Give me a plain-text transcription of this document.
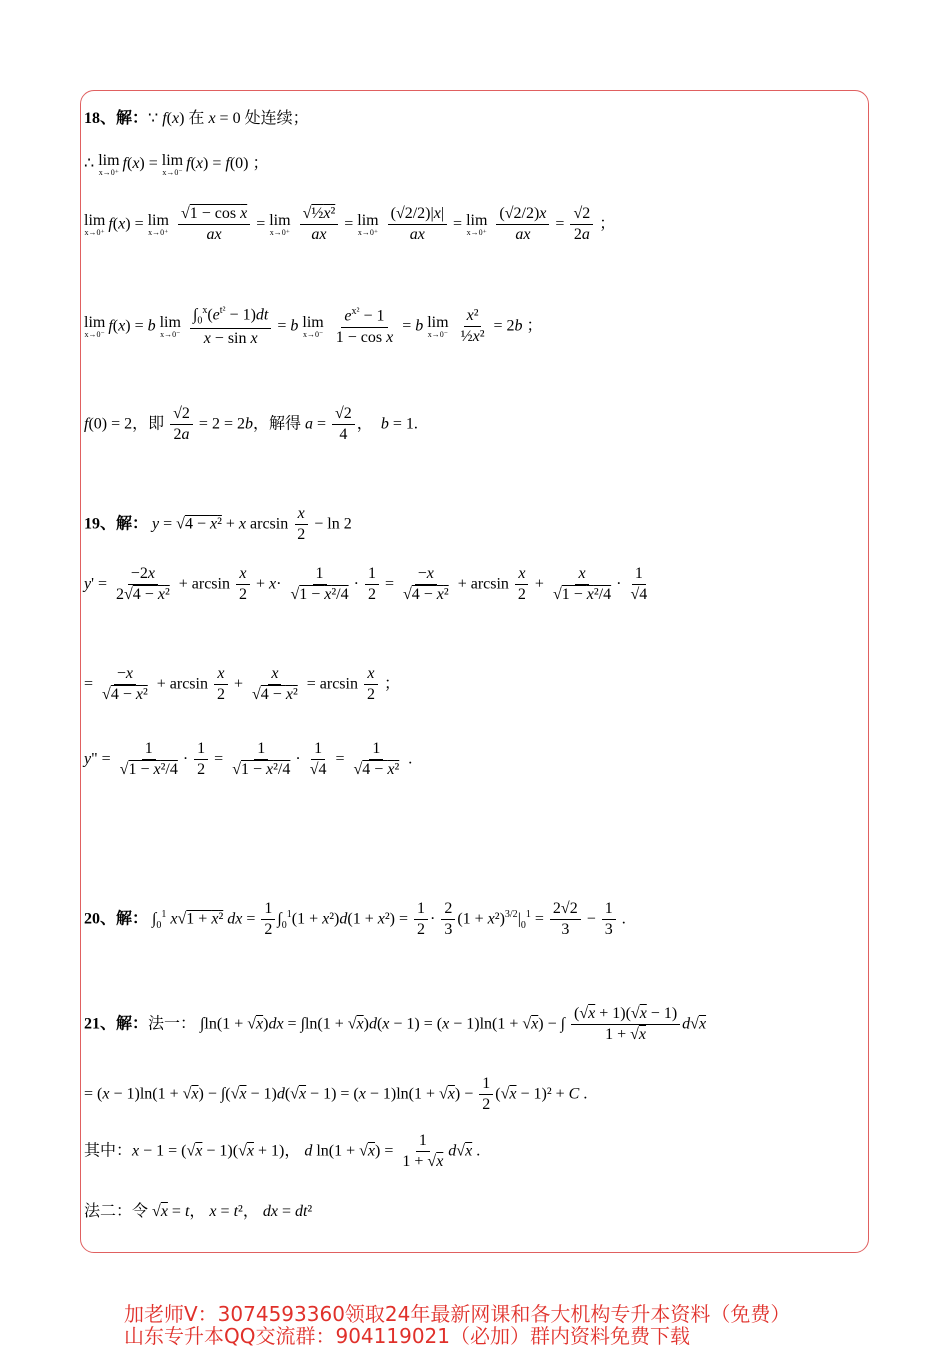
18、解：∵ f(x) 在 x = 0 处连续；
∴ lim
x→0⁺
f(x) = lim
x→0⁻
f(x) = f(0) ；
lim
x→0⁺
f(x) = lim
x→0⁺
$\frac{\text{√1 − cos x}}{ax} = \lim$
x→0⁺
$\frac{\text{√½x²}}{ax} = \lim$
x→0⁺
$\frac{(√2/2)|x|}{ax} = \lim$
x→0⁺
$\frac{(√2/2)x}{ax} = \frac{√2}{2a}$ ；
lim
x→0⁻
f(x) = b lim
x→0⁻
$\frac{\int_0^x(e^{t^2} - 1)dt}{\text{x − sin x}} = b$ lim
x→0⁻
$\frac{e^{x^2} - 1}{\text{1 − cos x}} = b$ lim
x→0⁻
$\frac{\text{x²}}{\text{½x²}} = 2b$ ；
f(0) = 2，即 $\frac{√2}{2a} = 2 = 2b$，解得 $a = \frac{√2}{4}$ ，  b = 1.
19、解： y = √4 − x² + x $\arcsin \frac{x}{2} - \ln 2$
$y' = \frac{-2x}{\text{2√4 − x²}} + \arcsin \frac{x}{2} + x\cdot \frac{1}{\text{√1 − x²/4}} \cdot \frac{1}{2} = \frac{-x}{\text{√4 − x²}} + \arcsin \frac{x}{2} + \frac{x}{\text{√1 − x²/4}} \cdot \frac{1}{√4}$
= $\frac{-x}{\text{√4 − x²}} + \arcsin \frac{x}{2} + \frac{x}{\text{√4 − x²}} = \arcsin \frac{x}{2}$ ；
y" = $\frac{1}{\text{√1 − x²/4}} \cdot \frac{1}{2} = \frac{1}{\text{√1 − x²/4}} \cdot \frac{1}{√4} = \frac{1}{\text{√4 − x²}}$ .
20、解： $\int_0^1$ x√1 + x² dx = $\frac{1}{2} \int_0^1(1 + x^2)d(1 + x^2) = \frac{1}{2} \cdot \frac{2}{3} (1 + x^2)^{3/2}|_0^1 = \frac{2√2}{3} - \frac{1}{3}$ .
21、解：法一： ∫ln(1 + √x)dx = ∫ln(1 + √x)d(x − 1) = (x − 1)ln(1 + √x) − ∫ $\frac{(√x + 1)(√x - 1)}{1 + √x} d√x$
= $(x - 1)\ln(1 + √x) - \int(√x - 1)d(√x - 1) = (x - 1)\ln(1 + √x) - \frac{1}{2} (√x - 1)^2 + C$ .
其中：x − 1 = (√x − 1)(√x + 1)， d $\ln(1 + √x) = \frac{1}{1 + √x} d√x$ .
法二：令 √x = t， x = t²， dx = dt²
加老师V：3074593360领取24年最新网课和各大机构专升本资料（免费）
山东专升本QQ交流群：904119021（必加）群内资料免费下载
